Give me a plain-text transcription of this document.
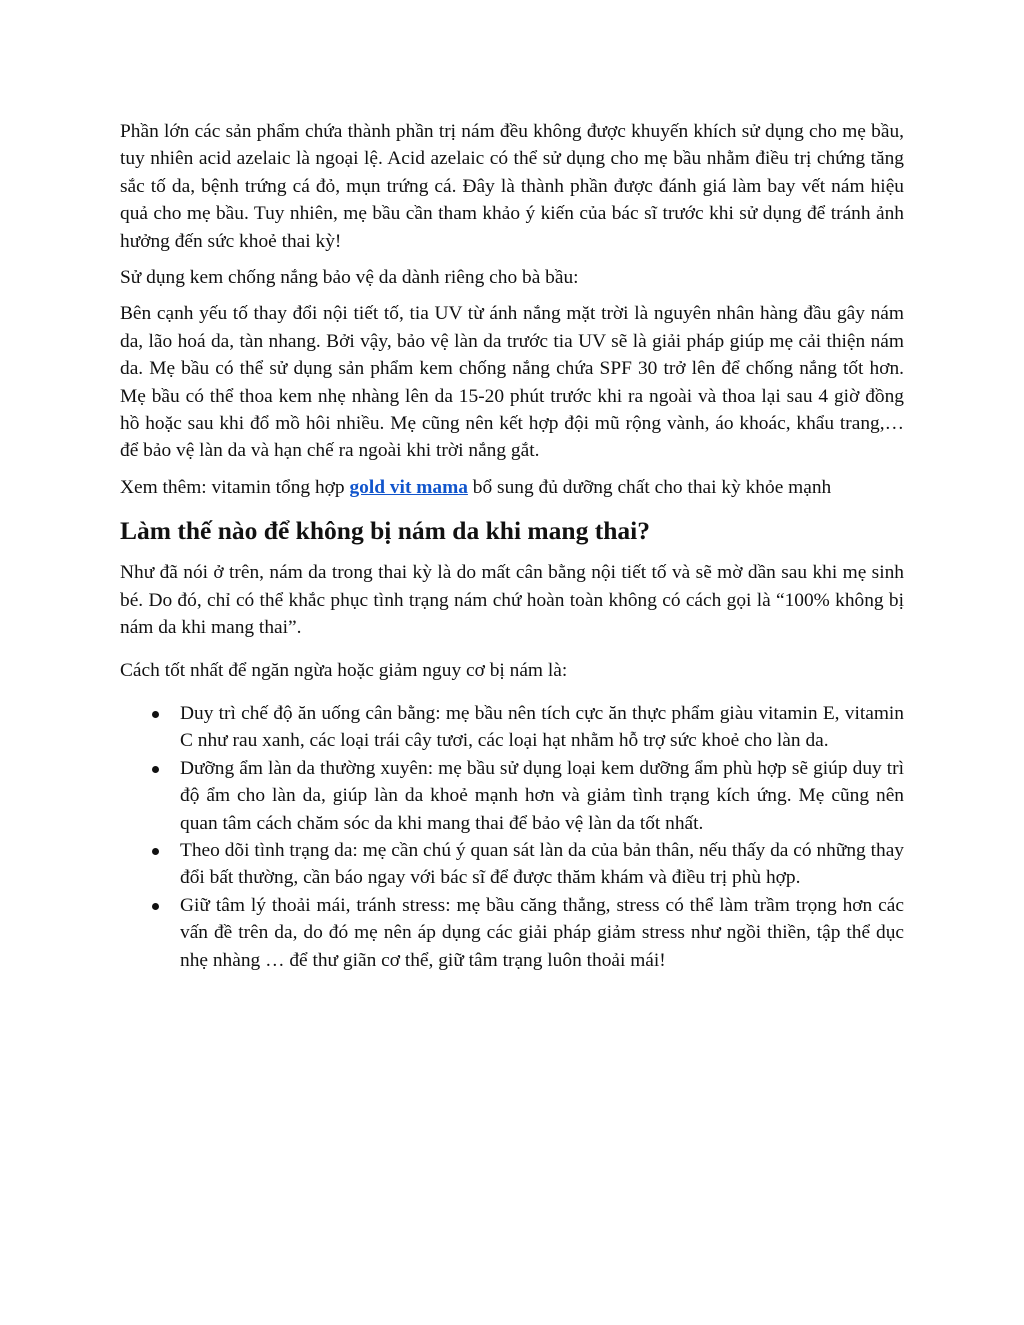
Phần lớn các sản phẩm chứa thành phần trị nám đều không được khuyến khích sử dụng cho mẹ bầu, tuy nhiên acid azelaic là ngoại lệ. Acid azelaic có thể sử dụng cho mẹ bầu nhằm điều trị chứng tăng sắc tố da, bệnh trứng cá đỏ, mụn trứng cá. Đây là thành phần được đánh giá làm bay vết nám hiệu quả cho mẹ bầu. Tuy nhiên, mẹ bầu cần tham khảo ý kiến của bác sĩ trước khi sử dụng để tránh ảnh hưởng đến sức khoẻ thai kỳ!

Sử dụng kem chống nắng bảo vệ da dành riêng cho bà bầu:

Bên cạnh yếu tố thay đổi nội tiết tố, tia UV từ ánh nắng mặt trời là nguyên nhân hàng đầu gây nám da, lão hoá da, tàn nhang. Bởi vậy, bảo vệ làn da trước tia UV sẽ là giải pháp giúp mẹ cải thiện nám da. Mẹ bầu có thể sử dụng sản phẩm kem chống nắng chứa SPF 30 trở lên để chống nắng tốt hơn. Mẹ bầu có thể thoa kem nhẹ nhàng lên da 15-20 phút trước khi ra ngoài và thoa lại sau 4 giờ đồng hồ hoặc sau khi đổ mồ hôi nhiều. Mẹ cũng nên kết hợp đội mũ rộng vành, áo khoác, khẩu trang,… để bảo vệ làn da và hạn chế ra ngoài khi trời nắng gắt.

Xem thêm: vitamin tổng hợp gold vit mama bổ sung đủ dưỡng chất cho thai kỳ khỏe mạnh

Làm thế nào để không bị nám da khi mang thai?

Như đã nói ở trên, nám da trong thai kỳ là do mất cân bằng nội tiết tố và sẽ mờ dần sau khi mẹ sinh bé. Do đó, chỉ có thể khắc phục tình trạng nám chứ hoàn toàn không có cách gọi là “100% không bị nám da khi mang thai”.

Cách tốt nhất để ngăn ngừa hoặc giảm nguy cơ bị nám là:

Duy trì chế độ ăn uống cân bằng: mẹ bầu nên tích cực ăn thực phẩm giàu vitamin E, vitamin C như rau xanh, các loại trái cây tươi, các loại hạt nhằm hỗ trợ sức khoẻ cho làn da.
Dưỡng ẩm làn da thường xuyên: mẹ bầu sử dụng loại kem dưỡng ẩm phù hợp sẽ giúp duy trì độ ẩm cho làn da, giúp làn da khoẻ mạnh hơn và giảm tình trạng kích ứng. Mẹ cũng nên quan tâm cách chăm sóc da khi mang thai để bảo vệ làn da tốt nhất.
Theo dõi tình trạng da: mẹ cần chú ý quan sát làn da của bản thân, nếu thấy da có những thay đổi bất thường, cần báo ngay với bác sĩ để được thăm khám và điều trị phù hợp.
Giữ tâm lý thoải mái, tránh stress: mẹ bầu căng thẳng, stress có thể làm trầm trọng hơn các vấn đề trên da, do đó mẹ nên áp dụng các giải pháp giảm stress như ngồi thiền, tập thể dục nhẹ nhàng … để thư giãn cơ thể, giữ tâm trạng luôn thoải mái!
